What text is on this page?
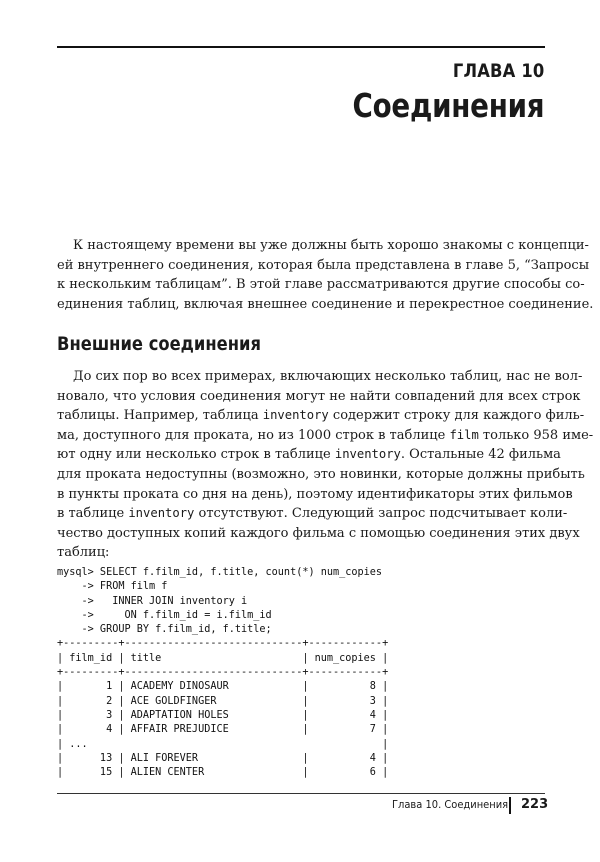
ГЛАВА 10
Соединения

К настоящему времени вы уже должны быть хорошо знакомы с концепци-
ей внутреннего соединения, которая была представлена в главе 5, “Запросы
к нескольким таблицам”. В этой главе рассматриваются другие способы со-
единения таблиц, включая внешнее соединение и перекрестное соединение.

Внешние соединения

До сих пор во всех примерах, включающих несколько таблиц, нас не вол-
новало, что условия соединения могут не найти совпадений для всех строк
таблицы. Например, таблица inventory содержит строку для каждого филь-
ма, доступного для проката, но из 1000 строк в таблице film только 958 име-
ют одну или несколько строк в таблице inventory. Остальные 42 фильма
для проката недоступны (возможно, это новинки, которые должны прибыть
в пункты проката со дня на день), поэтому идентификаторы этих фильмов
в таблице inventory отсутствуют. Следующий запрос подсчитывает коли-
чество доступных копий каждого фильма с помощью соединения этих двух
таблиц:

mysql> SELECT f.film_id, f.title, count(*) num_copies
-> FROM film f
->   INNER JOIN inventory i
->     ON f.film_id = i.film_id
-> GROUP BY f.film_id, f.title;
+---------+-----------------------------+------------+
| film_id | title                       | num_copies |
+---------+-----------------------------+------------+
|       1 | ACADEMY DINOSAUR            |          8 |
|       2 | ACE GOLDFINGER              |          3 |
|       3 | ADAPTATION HOLES            |          4 |
|       4 | AFFAIR PREJUDICE            |          7 |
| ...                                                |
|      13 | ALI FOREVER                 |          4 |
|      15 | ALIEN CENTER                |          6 |
Глава 10. Соединения 223
